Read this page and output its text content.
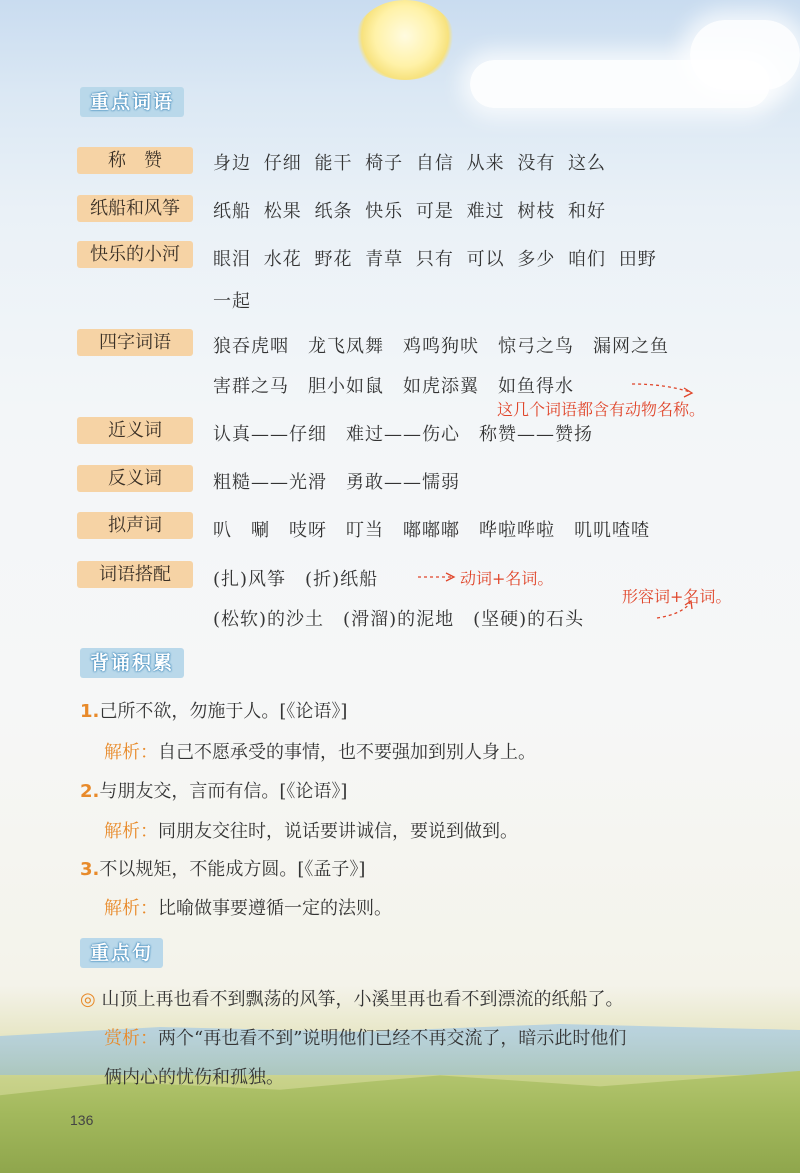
重点词语
称　赞	身边 仔细 能干 椅子 自信 从来 没有 这么
纸船和风筝	纸船 松果 纸条 快乐 可是 难过 树枝 和好
快乐的小河	眼泪 水花 野花 青草 只有 可以 多少 咱们 田野
一起
四字词语	狼吞虎咽　龙飞凤舞　鸡鸣狗吠　惊弓之鸟　漏网之鱼
害群之马　胆小如鼠　如虎添翼　如鱼得水
这几个词语都含有动物名称。
近义词	认真——仔细　难过——伤心　称赞——赞扬
反义词	粗糙——光滑　勇敢——懦弱
拟声词	叭　唰　吱呀　叮当　嘟嘟嘟　哗啦哗啦　叽叽喳喳
词语搭配	(扎)风筝　(折)纸船	动词+名词。
形容词+名词。
(松软)的沙土　(滑溜)的泥地　(坚硬)的石头
背诵积累
1.己所不欲，勿施于人。[《论语》]
解析：自己不愿承受的事情，也不要强加到别人身上。
2.与朋友交，言而有信。[《论语》]
解析：同朋友交往时，说话要讲诚信，要说到做到。
3.不以规矩，不能成方圆。[《孟子》]
解析：比喻做事要遵循一定的法则。
重点句
◎ 山顶上再也看不到飘荡的风筝，小溪里再也看不到漂流的纸船了。
赏析：两个“再也看不到”说明他们已经不再交流了，暗示此时他们
俩内心的忧伤和孤独。
136
